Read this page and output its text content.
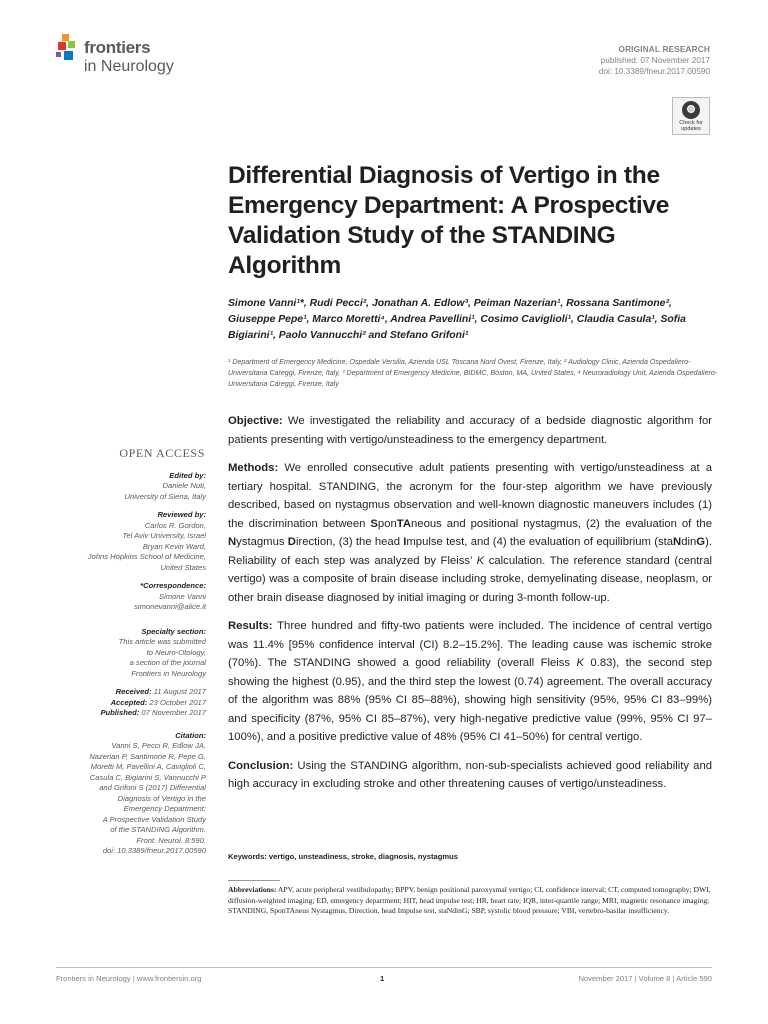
frontiers
in Neurology
ORIGINAL RESEARCH
published: 07 November 2017
doi: 10.3389/fneur.2017.00590
Check for updates
Differential Diagnosis of Vertigo in the Emergency Department: A Prospective Validation Study of the STANDING Algorithm
Simone Vanni¹*, Rudi Pecci², Jonathan A. Edlow³, Peiman Nazerian¹, Rossana Santimone², Giuseppe Pepe¹, Marco Moretti⁴, Andrea Pavellini¹, Cosimo Caviglioli¹, Claudia Casula¹, Sofia Bigiarini¹, Paolo Vannucchi² and Stefano Grifoni¹
¹ Department of Emergency Medicine, Ospedale Versilia, Azienda USL Toscana Nord Ovest, Firenze, Italy, ² Audiology Clinic, Azienda Ospedaliero-Universitaria Careggi, Firenze, Italy, ³ Department of Emergency Medicine, BIDMC, Boston, MA, United States, ⁴ Neuroradiology Unit, Azienda Ospedaliero-Universitaria Careggi, Firenze, Italy
OPEN ACCESS
Edited by:
Daniele Nuti,
University of Siena, Italy
Reviewed by:
Carlos R. Gordon,
Tel Aviv University, Israel
Bryan Kevin Ward,
Johns Hopkins School of Medicine,
United States
*Correspondence:
Simone Vanni
simonevanni@alice.it
Specialty section:
This article was submitted
to Neuro-Otology,
a section of the journal
Frontiers in Neurology
Received: 11 August 2017
Accepted: 23 October 2017
Published: 07 November 2017
Citation:
Vanni S, Pecci R, Edlow JA,
Nazerian P, Santimone R, Pepe G,
Moretti M, Pavellini A, Caviglioli C,
Casula C, Bigiarini S, Vannucchi P
and Grifoni S (2017) Differential
Diagnosis of Vertigo in the
Emergency Department:
A Prospective Validation Study
of the STANDING Algorithm.
Front. Neurol. 8:590.
doi: 10.3389/fneur.2017.00590

Objective: We investigated the reliability and accuracy of a bedside diagnostic algorithm for patients presenting with vertigo/unsteadiness to the emergency department.

Methods: We enrolled consecutive adult patients presenting with vertigo/unsteadiness at a tertiary hospital. STANDING, the acronym for the four-step algorithm we have previously described, based on nystagmus observation and well-known diagnostic maneuvers includes (1) the discrimination between SponTAneous and positional nystagmus, (2) the evaluation of the Nystagmus Direction, (3) the head Impulse test, and (4) the evaluation of equilibrium (staNdinG). Reliability of each step was analyzed by Fleiss’ K calculation. The reference standard (central vertigo) was a composite of brain disease including stroke, demyelinating disease, neoplasm, or other brain disease diagnosed by initial imaging or during 3-month follow-up.

Results: Three hundred and fifty-two patients were included. The incidence of central vertigo was 11.4% [95% confidence interval (CI) 8.2–15.2%]. The leading cause was ischemic stroke (70%). The STANDING showed a good reliability (overall Fleiss K 0.83), the second step showing the highest (0.95), and the third step the lowest (0.74) agreement. The overall accuracy of the algorithm was 88% (95% CI 85–88%), showing high sensitivity (95%, 95% CI 83–99%) and specificity (87%, 95% CI 85–87%), very high-negative predictive value (99%, 95% CI 97–100%), and a positive predictive value of 48% (95% CI 41–50%) for central vertigo.

Conclusion: Using the STANDING algorithm, non-sub-specialists achieved good reliability and high accuracy in excluding stroke and other threatening causes of vertigo/unsteadiness.

Keywords: vertigo, unsteadiness, stroke, diagnosis, nystagmus
Abbreviations: APV, acute peripheral vestibulopathy; BPPV, benign positional paroxysmal vertigo; CI, confidence interval; CT, computed tomography; DWI, diffusion-weighted imaging; ED, emergency department; HIT, head impulse test; HR, heart rate; IQR, inter-quartile range; MRI, magnetic resonance imaging; STANDING, SponTAneus Nystagmus, Direction, head Impulse test, staNdinG; SBP, systolic blood pressure; VBI, vertebro-basilar insufficiency.
Frontiers in Neurology | www.frontiersin.org	1	November 2017 | Volume 8 | Article 590
